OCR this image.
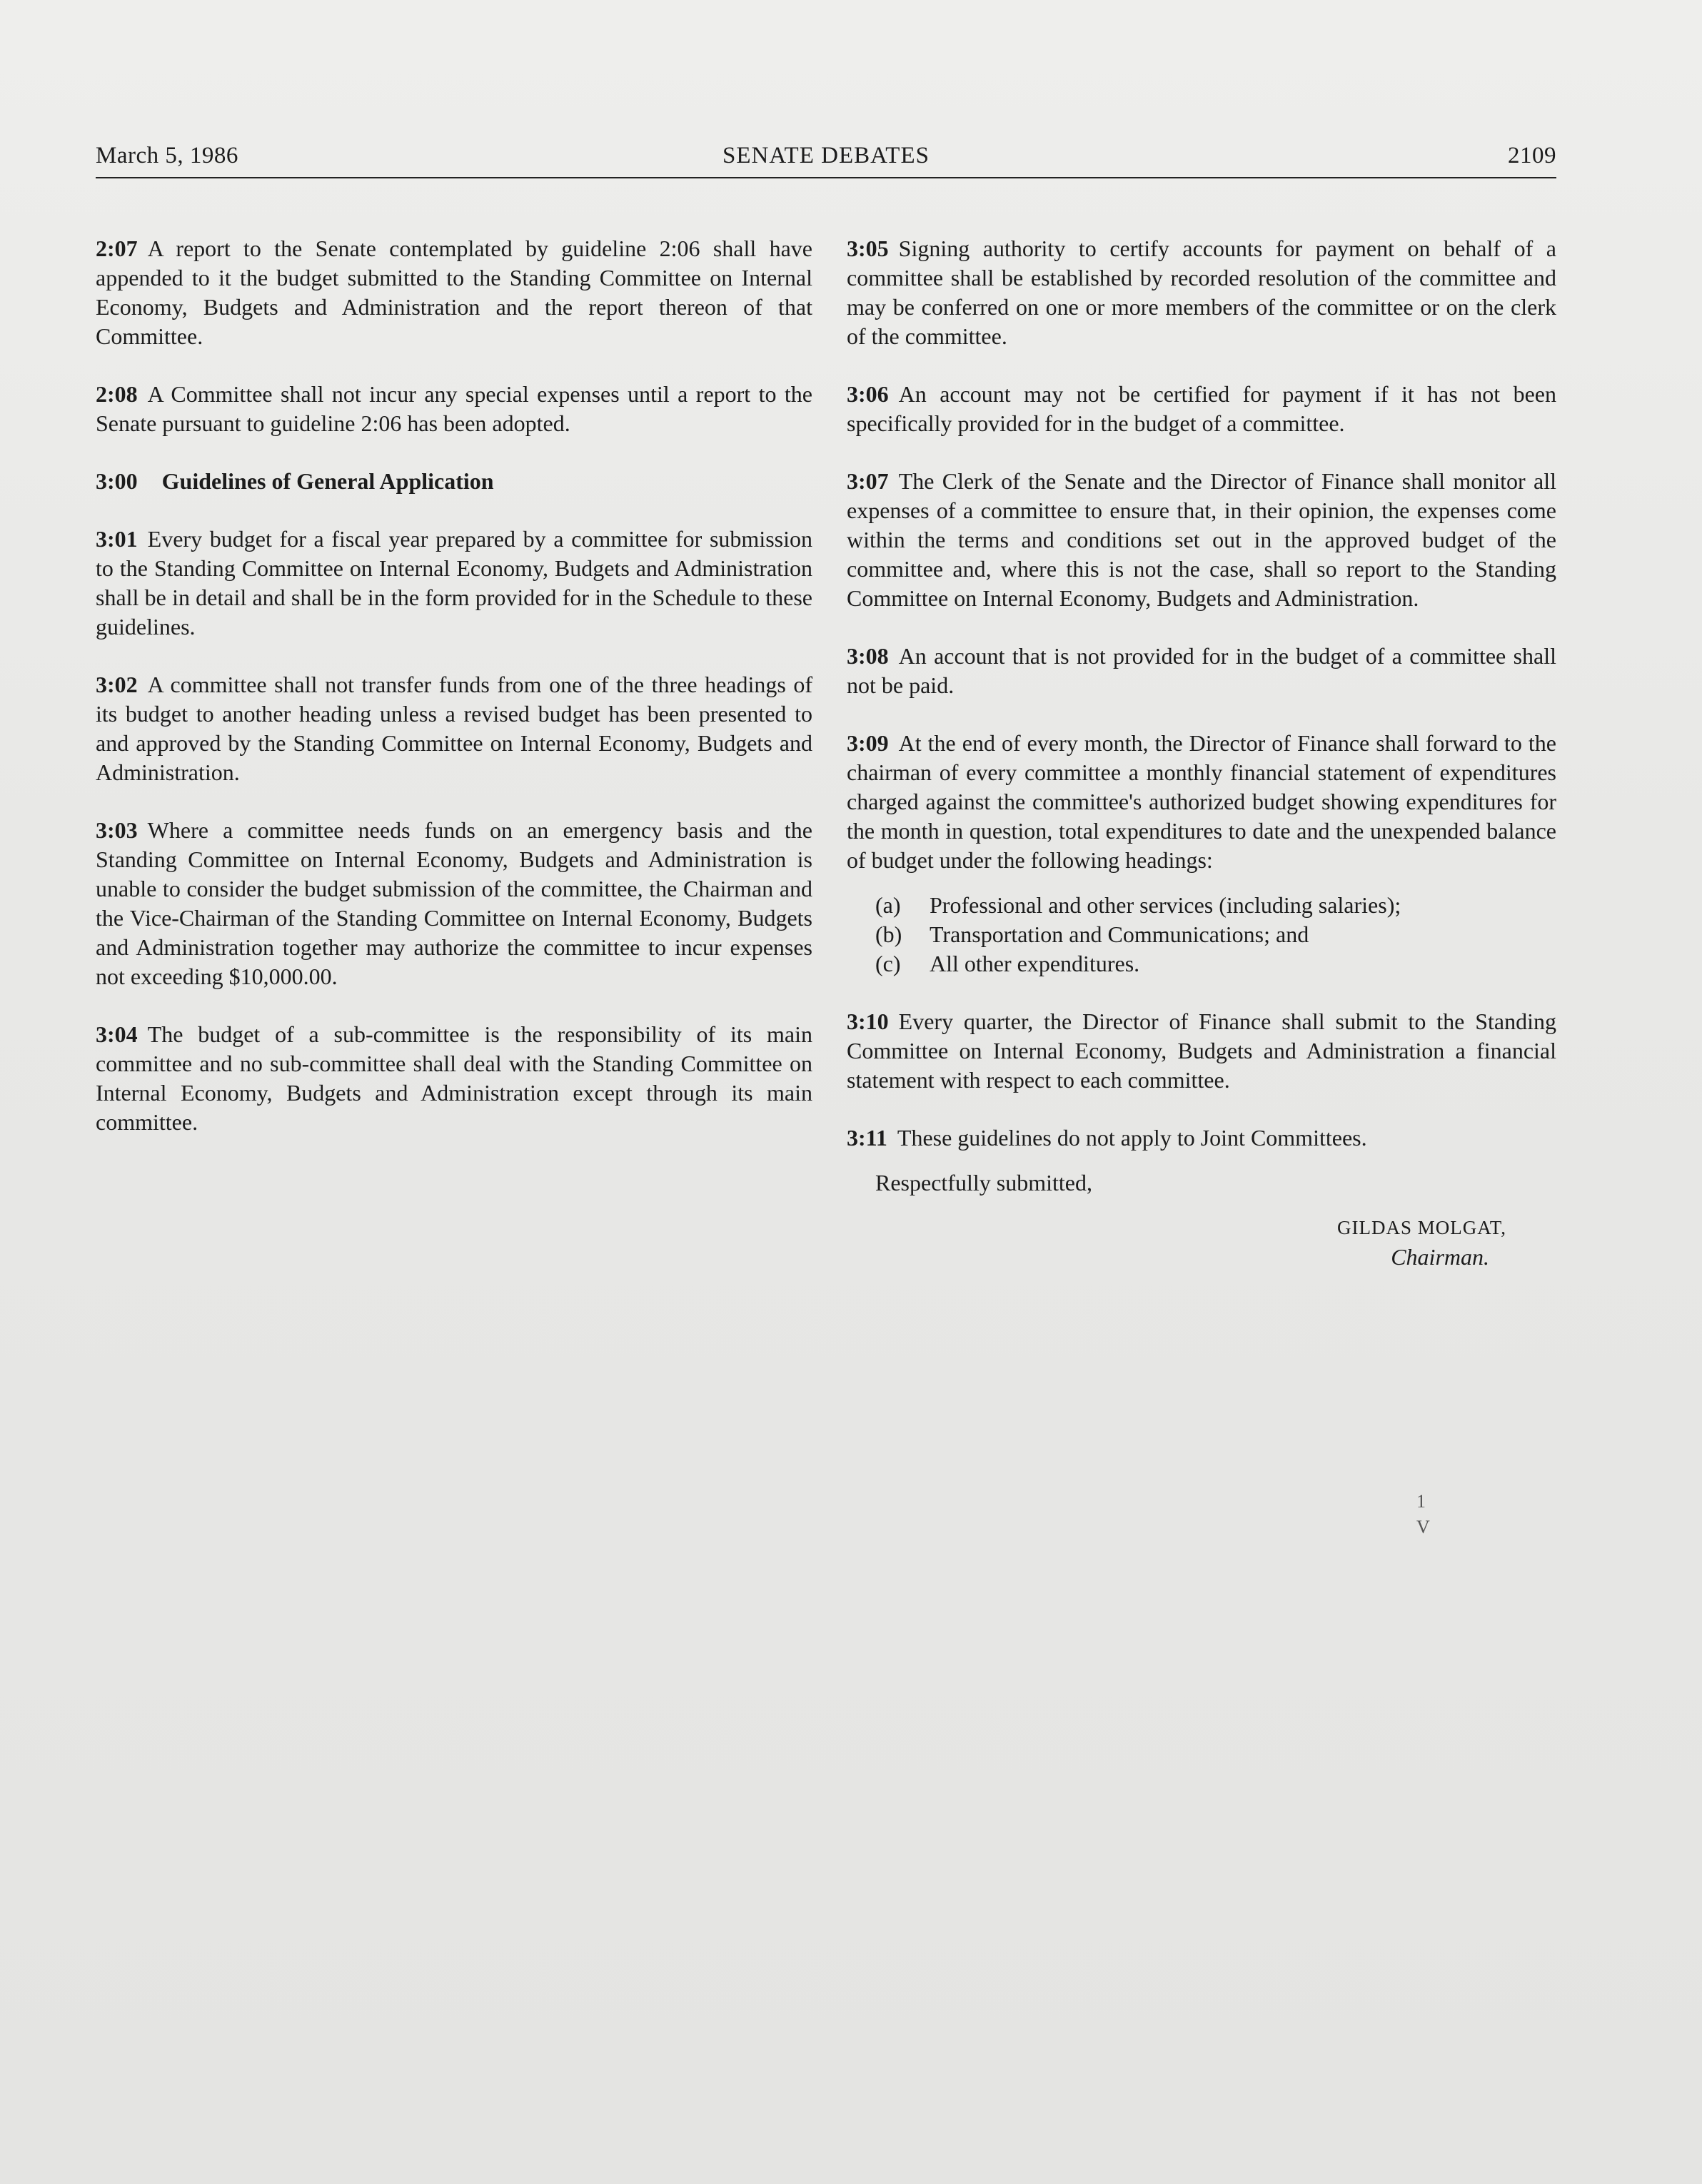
March 5, 1986	SENATE DEBATES	2109

2:07 A report to the Senate contemplated by guideline 2:06 shall have appended to it the budget submitted to the Standing Committee on Internal Economy, Budgets and Administration and the report thereon of that Committee.

2:08 A Committee shall not incur any special expenses until a report to the Senate pursuant to guideline 2:06 has been adopted.

3:00 Guidelines of General Application

3:01 Every budget for a fiscal year prepared by a committee for submission to the Standing Committee on Internal Economy, Budgets and Administration shall be in detail and shall be in the form provided for in the Schedule to these guidelines.

3:02 A committee shall not transfer funds from one of the three headings of its budget to another heading unless a revised budget has been presented to and approved by the Standing Committee on Internal Economy, Budgets and Administration.

3:03 Where a committee needs funds on an emergency basis and the Standing Committee on Internal Economy, Budgets and Administration is unable to consider the budget submission of the committee, the Chairman and the Vice-Chairman of the Standing Committee on Internal Economy, Budgets and Administration together may authorize the committee to incur expenses not exceeding $10,000.00.

3:04 The budget of a sub-committee is the responsibility of its main committee and no sub-committee shall deal with the Standing Committee on Internal Economy, Budgets and Administration except through its main committee.

3:05 Signing authority to certify accounts for payment on behalf of a committee shall be established by recorded resolution of the committee and may be conferred on one or more members of the committee or on the clerk of the committee.

3:06 An account may not be certified for payment if it has not been specifically provided for in the budget of a committee.

3:07 The Clerk of the Senate and the Director of Finance shall monitor all expenses of a committee to ensure that, in their opinion, the expenses come within the terms and conditions set out in the approved budget of the committee and, where this is not the case, shall so report to the Standing Committee on Internal Economy, Budgets and Administration.

3:08 An account that is not provided for in the budget of a committee shall not be paid.

3:09 At the end of every month, the Director of Finance shall forward to the chairman of every committee a monthly financial statement of expenditures charged against the committee's authorized budget showing expenditures for the month in question, total expenditures to date and the unexpended balance of budget under the following headings:

(a)	Professional and other services (including salaries);
(b)	Transportation and Communications; and
(c)	All other expenditures.

3:10 Every quarter, the Director of Finance shall submit to the Standing Committee on Internal Economy, Budgets and Administration a financial statement with respect to each committee.

3:11 These guidelines do not apply to Joint Committees.

Respectfully submitted,
GILDAS MOLGAT,
Chairman.
1
V
